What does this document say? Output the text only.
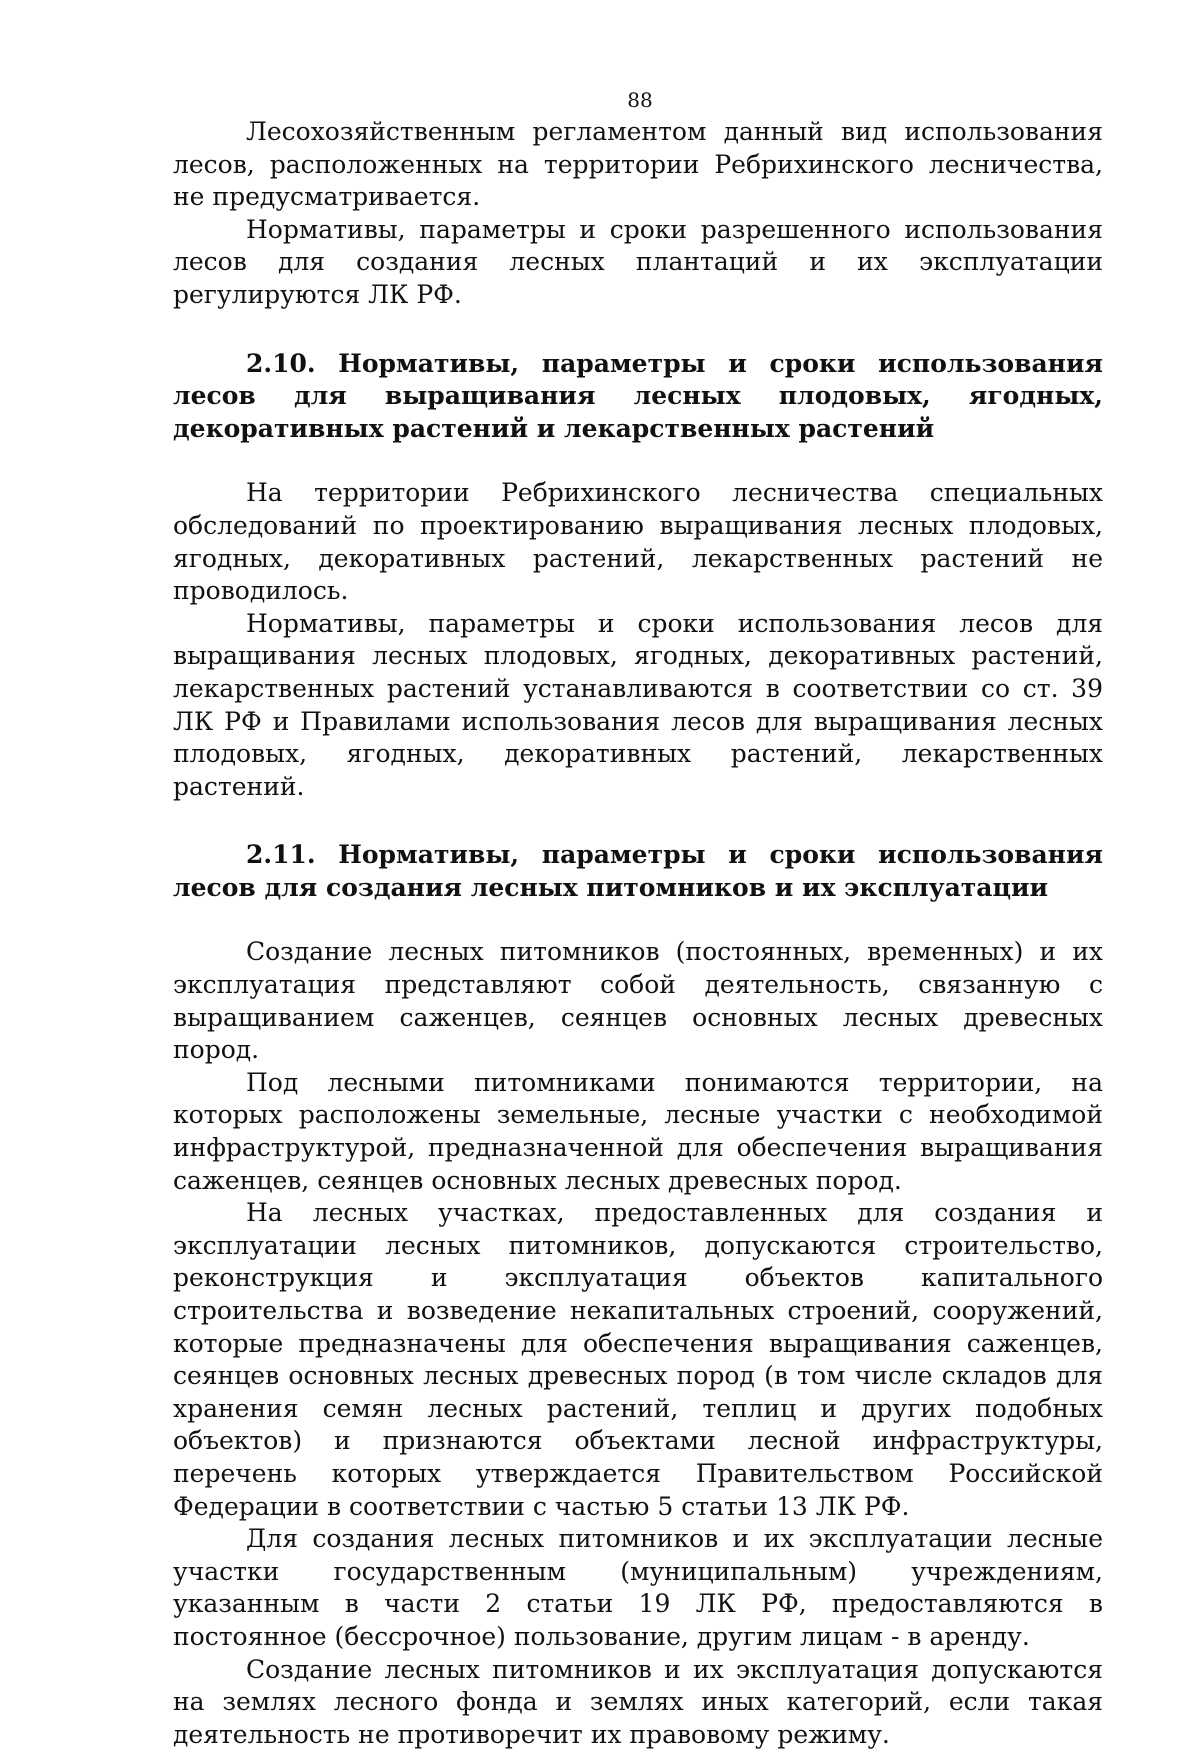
88

Лесохозяйственным регламентом данный вид использования лесов, расположенных на территории Ребрихинского лесничества, не предусматривается.

Нормативы, параметры и сроки разрешенного использования лесов для создания лесных плантаций и их эксплуатации регулируются ЛК РФ.

2.10. Нормативы, параметры и сроки использования лесов для выращивания лесных плодовых, ягодных, декоративных растений и лекарственных растений

На территории Ребрихинского лесничества специальных обследований по проектированию выращивания лесных плодовых, ягодных, декоративных растений, лекарственных растений не проводилось.

Нормативы, параметры и сроки использования лесов для выращивания лесных плодовых, ягодных, декоративных растений, лекарственных растений устанавливаются в соответствии со ст. 39 ЛК РФ и Правилами использования лесов для выращивания лесных плодовых, ягодных, декоративных растений, лекарственных растений.

2.11. Нормативы, параметры и сроки использования лесов для создания лесных питомников и их эксплуатации

Создание лесных питомников (постоянных, временных) и их эксплуатация представляют собой деятельность, связанную с выращиванием саженцев, сеянцев основных лесных древесных пород.

Под лесными питомниками понимаются территории, на которых расположены земельные, лесные участки с необходимой инфраструктурой, предназначенной для обеспечения выращивания саженцев, сеянцев основных лесных древесных пород.

На лесных участках, предоставленных для создания и эксплуатации лесных питомников, допускаются строительство, реконструкция и эксплуатация объектов капитального строительства и возведение некапитальных строений, сооружений, которые предназначены для обеспечения выращивания саженцев, сеянцев основных лесных древесных пород (в том числе складов для хранения семян лесных растений, теплиц и других подобных объектов) и признаются объектами лесной инфраструктуры, перечень которых утверждается Правительством Российской Федерации в соответствии с частью 5 статьи 13 ЛК РФ.

Для создания лесных питомников и их эксплуатации лесные участки государственным (муниципальным) учреждениям, указанным в части 2 статьи 19 ЛК РФ, предоставляются в постоянное (бессрочное) пользование, другим лицам - в аренду.

Создание лесных питомников и их эксплуатация допускаются на землях лесного фонда и землях иных категорий, если такая деятельность не противоречит их правовому режиму.
